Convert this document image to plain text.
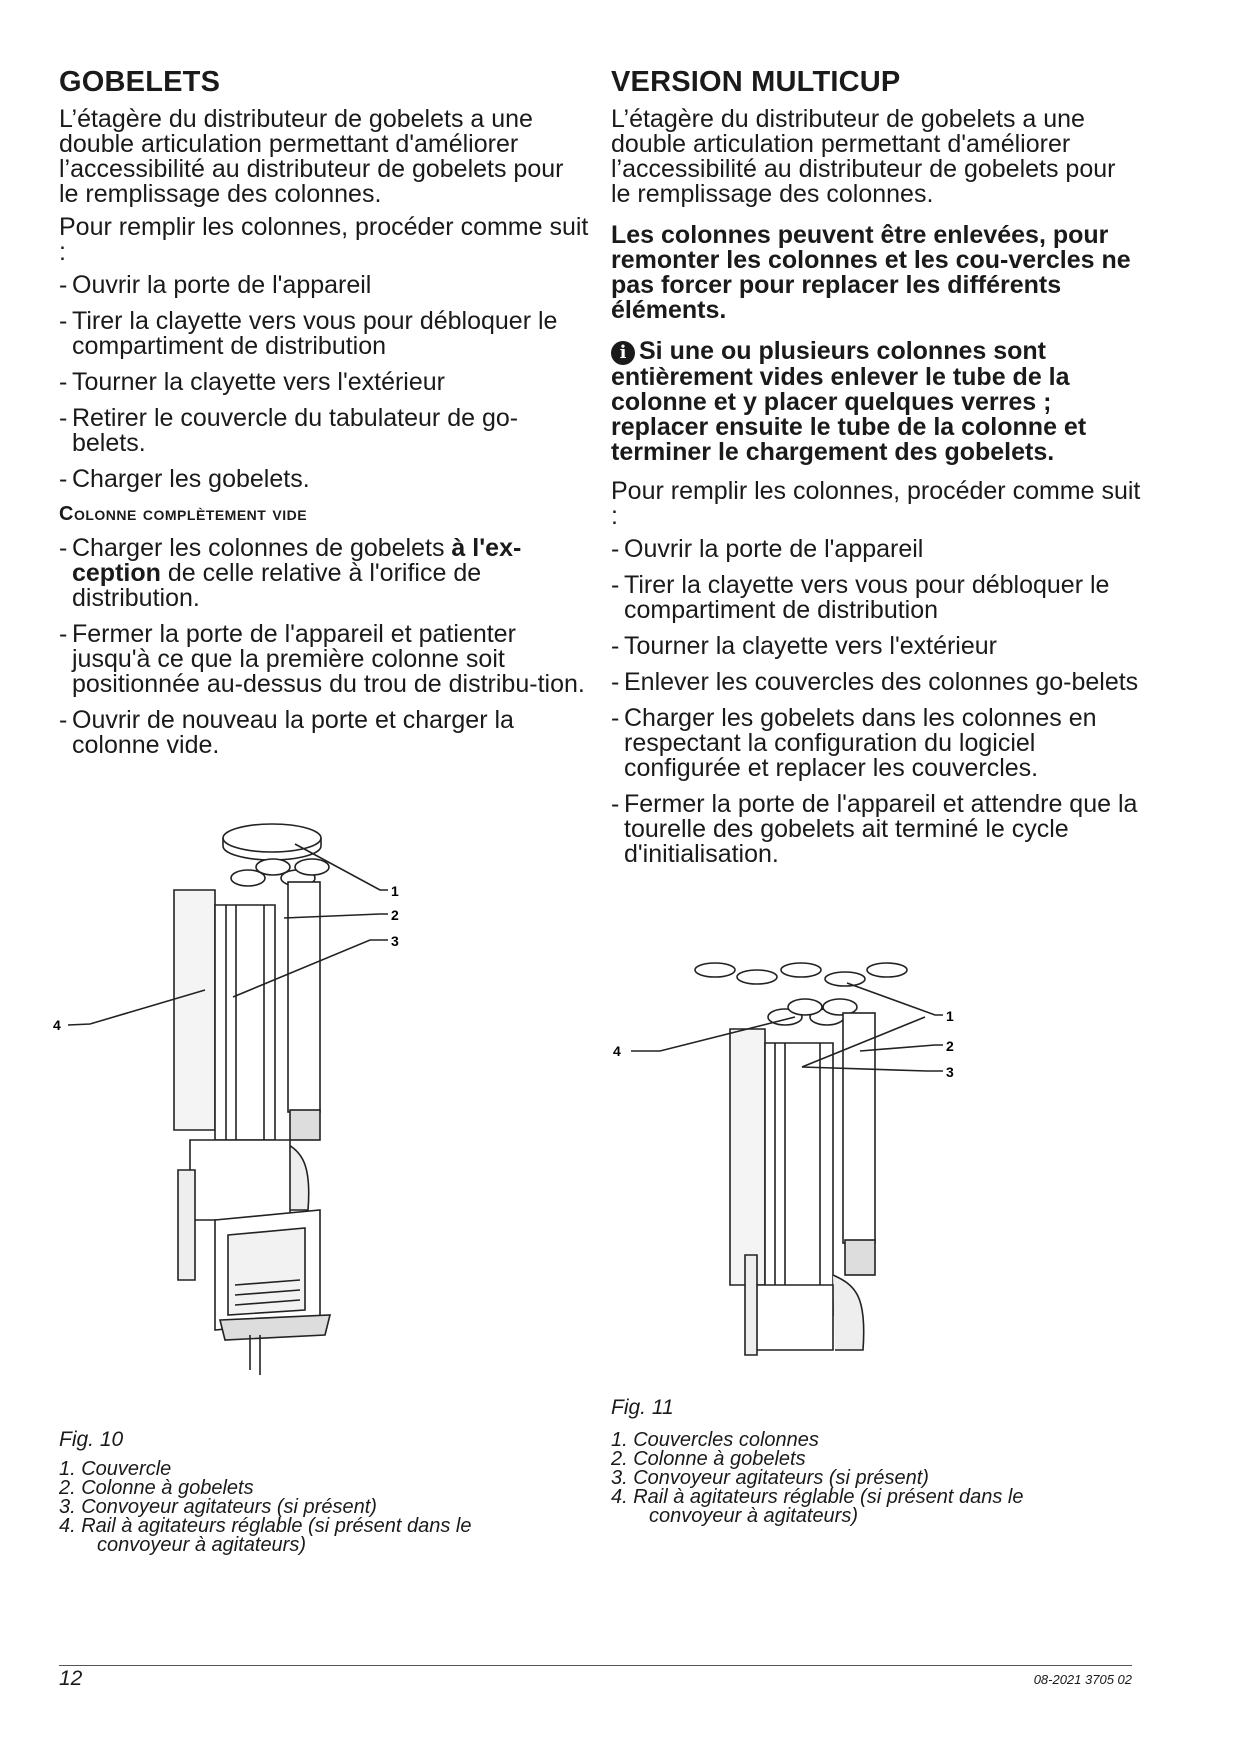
GOBELETS

L’étagère du distributeur de gobelets a une double articulation permettant d'améliorer l’accessibilité au distributeur de gobelets pour le remplissage des colonnes.

Pour remplir les colonnes, procéder comme suit :

- Ouvrir la porte de l'appareil
- Tirer la clayette vers vous pour débloquer le compartiment de distribution
- Tourner la clayette vers l'extérieur
- Retirer le couvercle du tabulateur de go-belets.
- Charger les gobelets.
Colonne complètement vide
- Charger les colonnes de gobelets à l'ex-ception de celle relative à l'orifice de distribution.
- Fermer la porte de l'appareil et patienter jusqu'à ce que la première colonne soit positionnée au-dessus du trou de distribu-tion.
- Ouvrir de nouveau la porte et charger la colonne vide.
1
2
3
4
Fig. 10
1. Couvercle
2. Colonne à gobelets
3. Convoyeur agitateurs (si présent)
4. Rail à agitateurs réglable (si présent dans le
convoyeur à agitateurs)
VERSION MULTICUP

L’étagère du distributeur de gobelets a une double articulation permettant d'améliorer l’accessibilité au distributeur de gobelets pour le remplissage des colonnes.

Les colonnes peuvent être enlevées, pour remonter les colonnes et les cou-vercles ne pas forcer pour replacer les différents éléments.

i Si une ou plusieurs colonnes sont entièrement vides enlever le tube de la colonne et y placer quelques verres ; replacer ensuite le tube de la colonne et terminer le chargement des gobelets.

Pour remplir les colonnes, procéder comme suit :

- Ouvrir la porte de l'appareil
- Tirer la clayette vers vous pour débloquer le compartiment de distribution
- Tourner la clayette vers l'extérieur
- Enlever les couvercles des colonnes go-belets
- Charger les gobelets dans les colonnes en respectant la configuration du logiciel configurée et replacer les couvercles.
- Fermer la porte de l'appareil et attendre que la tourelle des gobelets ait terminé le cycle d'initialisation.
1
2
3
4
Fig. 11
1. Couvercles colonnes
2. Colonne à gobelets
3. Convoyeur agitateurs (si présent)
4. Rail à agitateurs réglable (si présent dans le
convoyeur à agitateurs)
12	08-2021 3705 02
